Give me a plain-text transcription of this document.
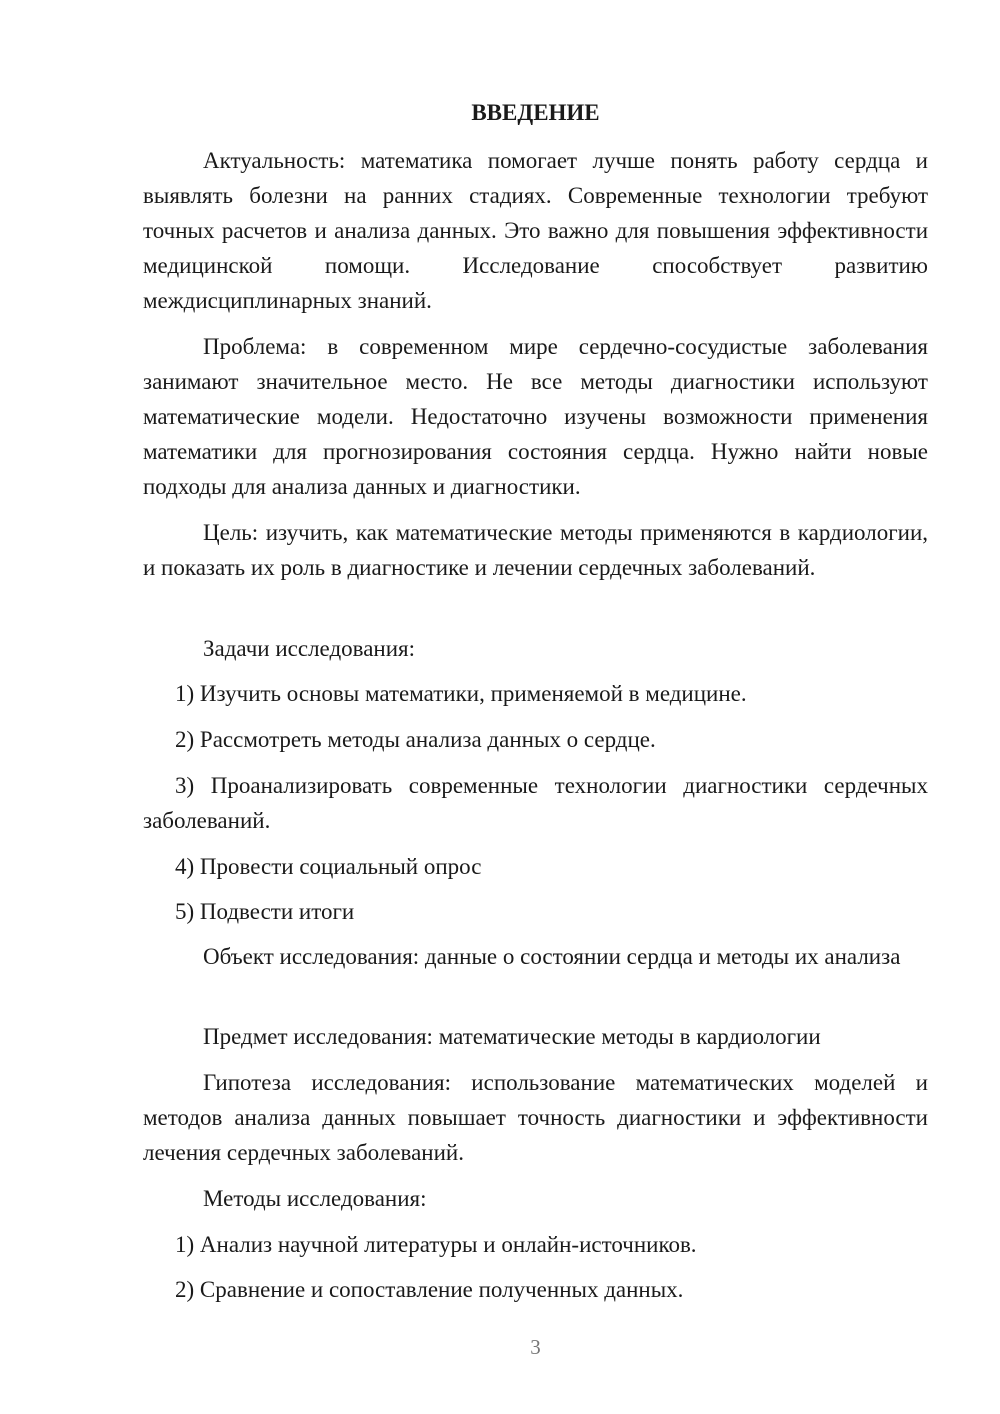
ВВЕДЕНИЕ

Актуальность: математика помогает лучше понять работу сердца и выявлять болезни на ранних стадиях. Современные технологии требуют точных расчетов и анализа данных. Это важно для повышения эффективности медицинской помощи. Исследование способствует развитию междисциплинарных знаний.

Проблема: в современном мире сердечно-сосудистые заболевания занимают значительное место. Не все методы диагностики используют математические модели. Недостаточно изучены возможности применения математики для прогнозирования состояния сердца. Нужно найти новые подходы для анализа данных и диагностики.

Цель: изучить, как математические методы применяются в кардиологии, и показать их роль в диагностике и лечении сердечных заболеваний.

Задачи исследования:

1) Изучить основы математики, применяемой в медицине.

2) Рассмотреть методы анализа данных о сердце.

3) Проанализировать современные технологии диагностики сердечных заболеваний.

4) Провести социальный опрос

5) Подвести итоги

Объект исследования: данные о состоянии сердца и методы их анализа

Предмет исследования: математические методы в кардиологии

Гипотеза исследования: использование математических моделей и методов анализа данных повышает точность диагностики и эффективности лечения сердечных заболеваний.

Методы исследования:

1) Анализ научной литературы и онлайн-источников.

2) Сравнение и сопоставление полученных данных.

3
